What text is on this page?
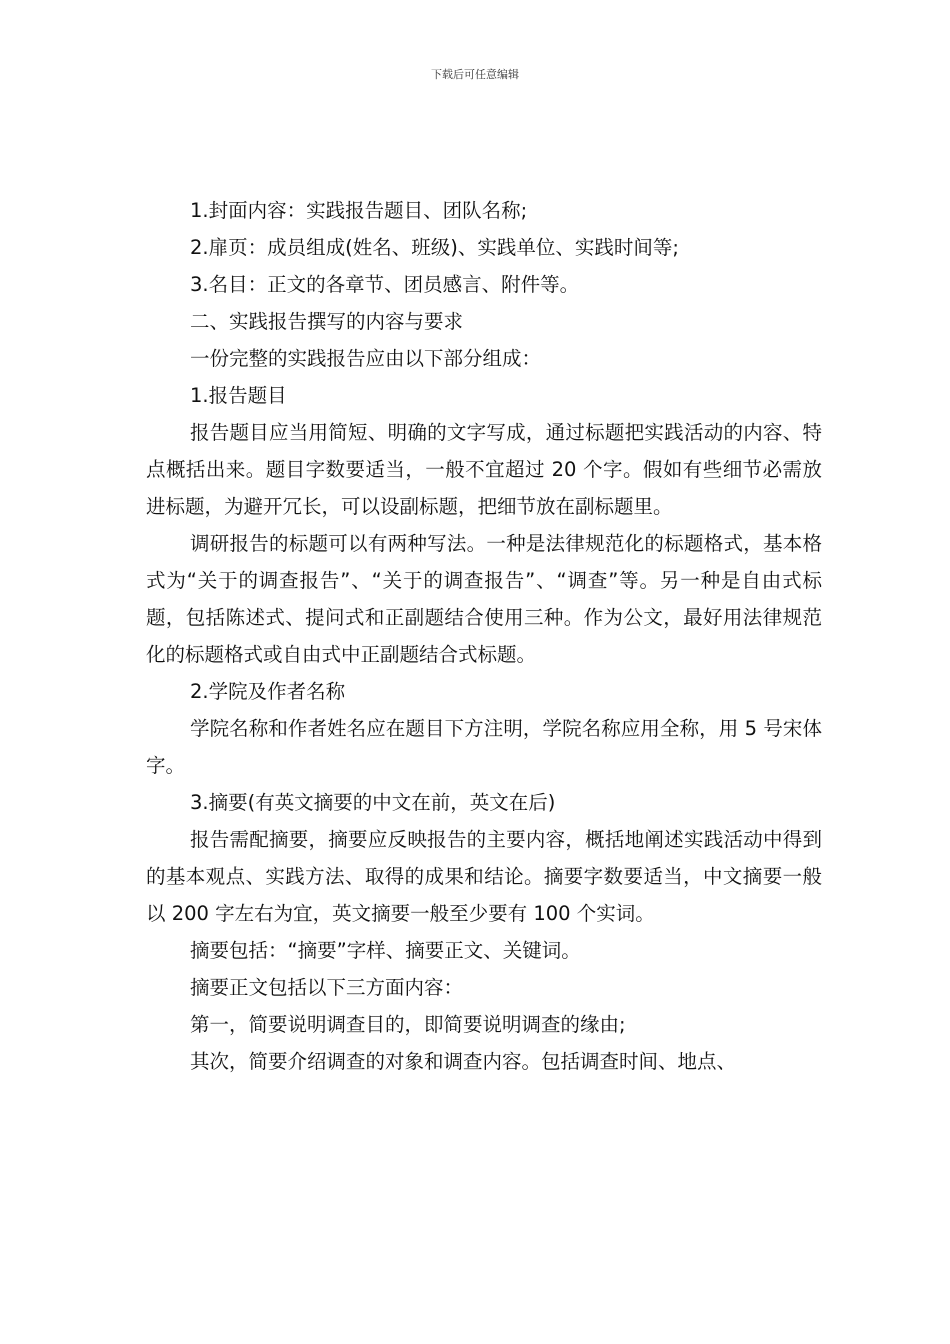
下载后可任意编辑

1.封面内容：实践报告题目、团队名称;

2.扉页：成员组成(姓名、班级)、实践单位、实践时间等;

3.名目：正文的各章节、团员感言、附件等。

二、实践报告撰写的内容与要求

一份完整的实践报告应由以下部分组成：

1.报告题目

报告题目应当用简短、明确的文字写成，通过标题把实践活动的内容、特点概括出来。题目字数要适当，一般不宜超过 20 个字。假如有些细节必需放进标题，为避开冗长，可以设副标题，把细节放在副标题里。

调研报告的标题可以有两种写法。一种是法律规范化的标题格式，基本格式为“关于的调查报告”、“关于的调查报告”、“调查”等。另一种是自由式标题，包括陈述式、提问式和正副题结合使用三种。作为公文，最好用法律规范化的标题格式或自由式中正副题结合式标题。

2.学院及作者名称

学院名称和作者姓名应在题目下方注明，学院名称应用全称，用 5 号宋体字。

3.摘要(有英文摘要的中文在前，英文在后)

报告需配摘要，摘要应反映报告的主要内容，概括地阐述实践活动中得到的基本观点、实践方法、取得的成果和结论。摘要字数要适当，中文摘要一般以 200 字左右为宜，英文摘要一般至少要有 100 个实词。

摘要包括：“摘要”字样、摘要正文、关键词。

摘要正文包括以下三方面内容：

第一，简要说明调查目的，即简要说明调查的缘由;

其次，简要介绍调查的对象和调查内容。包括调查时间、地点、
